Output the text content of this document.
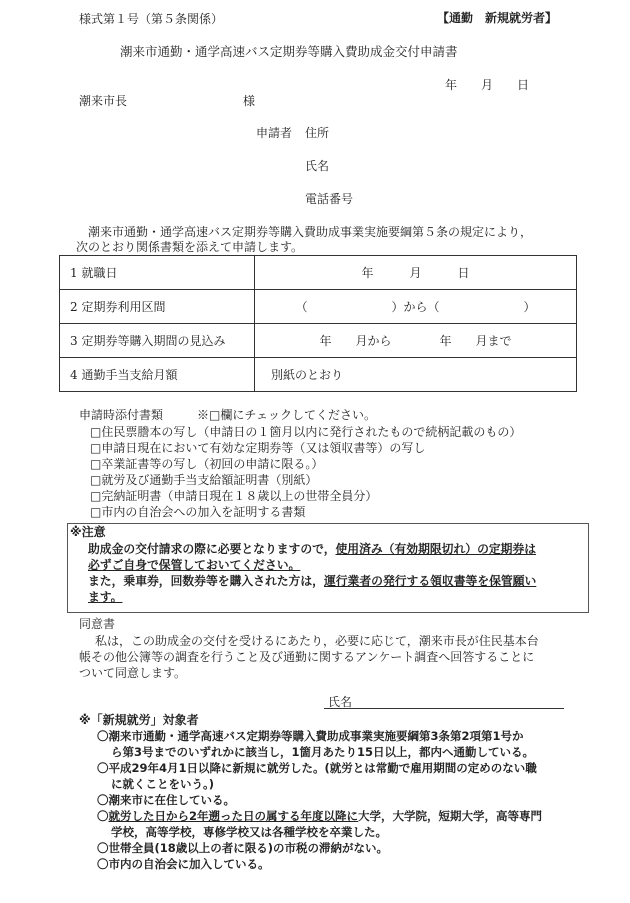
様式第１号（第５条関係）	【通勤　新規就労者】
潮来市通勤・通学高速バス定期券等購入費助成金交付申請書
年　　月　　日
潮来市長	様
申請者 住所
氏名
電話番号
潮来市通勤・通学高速バス定期券等購入費助成事業実施要綱第５条の規定により，
次のとおり関係書類を添えて申請します。
1 就職日	年　　　月　　　日
2 定期券利用区間	（　　　　　　　）から（　　　　　　　）
3 定期券等購入期間の見込み	年　　月から　　　　年　　月まで
4 通勤手当支給月額	別紙のとおり
申請時添付書類	※□欄にチェックしてください。
□住民票謄本の写し（申請日の１箇月以内に発行されたもので続柄記載のもの）
□申請日現在において有効な定期券等（又は領収書等）の写し
□卒業証書等の写し（初回の申請に限る。）
□就労及び通勤手当支給額証明書（別紙）
□完納証明書（申請日現在１８歳以上の世帯全員分）
□市内の自治会への加入を証明する書類
※注意
助成金の交付請求の際に必要となりますので，使用済み（有効期限切れ）の定期券は
必ずご自身で保管しておいてください。
また，乗車券，回数券等を購入された方は，運行業者の発行する領収書等を保管願い
ます。
同意書
私は，この助成金の交付を受けるにあたり，必要に応じて，潮来市長が住民基本台
帳その他公簿等の調査を行うこと及び通勤に関するアンケート調査へ回答することに
ついて同意します。
氏名
※「新規就労」対象者
〇潮来市通勤・通学高速バス定期券等購入費助成事業実施要綱第3条第2項第1号か
ら第3号までのいずれかに該当し，1箇月あたり15日以上，都内へ通勤している。
〇平成29年4月1日以降に新規に就労した。(就労とは常勤で雇用期間の定めのない職
に就くことをいう。)
〇潮来市に在住している。
〇就労した日から2年遡った日の属する年度以降に大学，大学院，短期大学，高等専門
学校，高等学校，専修学校又は各種学校を卒業した。
〇世帯全員(18歳以上の者に限る)の市税の滞納がない。
〇市内の自治会に加入している。
